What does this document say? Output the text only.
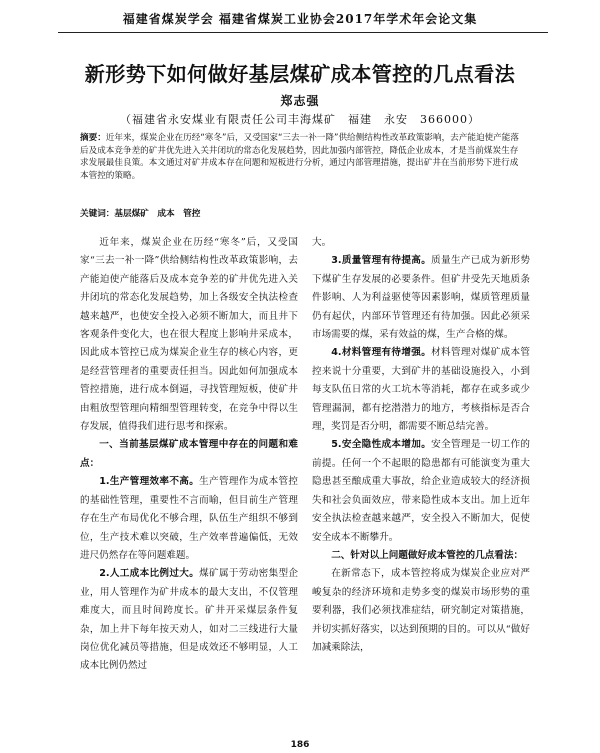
福建省煤炭学会 福建省煤炭工业协会2017年学术年会论文集
新形势下如何做好基层煤矿成本管控的几点看法
郑志强
（福建省永安煤业有限责任公司丰海煤矿　福建　永安　366000）
摘要：近年来，煤炭企业在历经“寒冬”后，又受国家“三去一补一降”供给侧结构性改革政策影响，去产能迫使产能落后及成本竞争差的矿井优先进入关井闭坑的常态化发展趋势，因此加强内部管控，降低企业成本，才是当前煤炭生存求发展最佳良策。本文通过对矿井成本存在问题和短板进行分析，通过内部管理措施，提出矿井在当前形势下进行成本管控的策略。
关键词：基层煤矿　成本　管控

近年来，煤炭企业在历经“寒冬”后，又受国家“三去一补一降”供给侧结构性改革政策影响，去产能迫使产能落后及成本竞争差的矿井优先进入关井闭坑的常态化发展趋势，加上各级安全执法检查越来越严，也使安全投入必须不断加大，而且井下客观条件变化大，也在很大程度上影响井采成本，因此成本管控已成为煤炭企业生存的核心内容，更是经营管理者的重要责任担当。因此如何加强成本管控措施，进行成本倒逼，寻找管理短板，使矿井由粗放型管理向精细型管理转变，在竞争中得以生存发展，值得我们进行思考和探索。

一、当前基层煤矿成本管理中存在的问题和难点：

1.生产管理效率不高。生产管理作为成本管控的基础性管理，重要性不言而喻，但目前生产管理存在生产布局优化不够合理，队伍生产组织不够到位，生产技术难以突破，生产效率普遍偏低，无效进尺仍然存在等问题难题。

2.人工成本比例过大。煤矿属于劳动密集型企业，用人管理作为矿井成本的最大支出，不仅管理难度大，而且时间跨度长。矿井开采煤层条件复杂，加上井下每年按天劝人，如对二三线进行大量岗位优化减员等措施，但是成效还不够明显，人工成本比例仍然过

大。

3.质量管理有待提高。质量生产已成为新形势下煤矿生存发展的必要条件。但矿井受先天地质条件影响、人为利益驱使等因素影响，煤质管理质量仍有起伏，内部环节管理还有待加强。因此必须采市场需要的煤，采有效益的煤，生产合格的煤。

4.材料管理有待增强。材料管理对煤矿成本管控来说十分重要，大到矿井的基础设施投入，小到每支队伍日常的火工坑木等消耗，都存在或多或少管理漏洞，都有挖潜潜力的地方，考核指标是否合理，奖罚是否分明，都需要不断总结完善。

5.安全隐性成本增加。安全管理是一切工作的前提。任何一个不起眼的隐患都有可能演变为重大隐患甚至酿成重大事故，给企业造成较大的经济损失和社会负面效应，带来隐性成本支出。加上近年安全执法检查越来越严，安全投入不断加大，促使安全成本不断攀升。

二、针对以上问题做好成本管控的几点看法：

在新常态下，成本管控将成为煤炭企业应对严峻复杂的经济环境和走势多变的煤炭市场形势的重要利器，我们必须找准症结，研究制定对策措施，并切实抓好落实，以达到预期的目的。可以从“做好加减乘除法，

186
